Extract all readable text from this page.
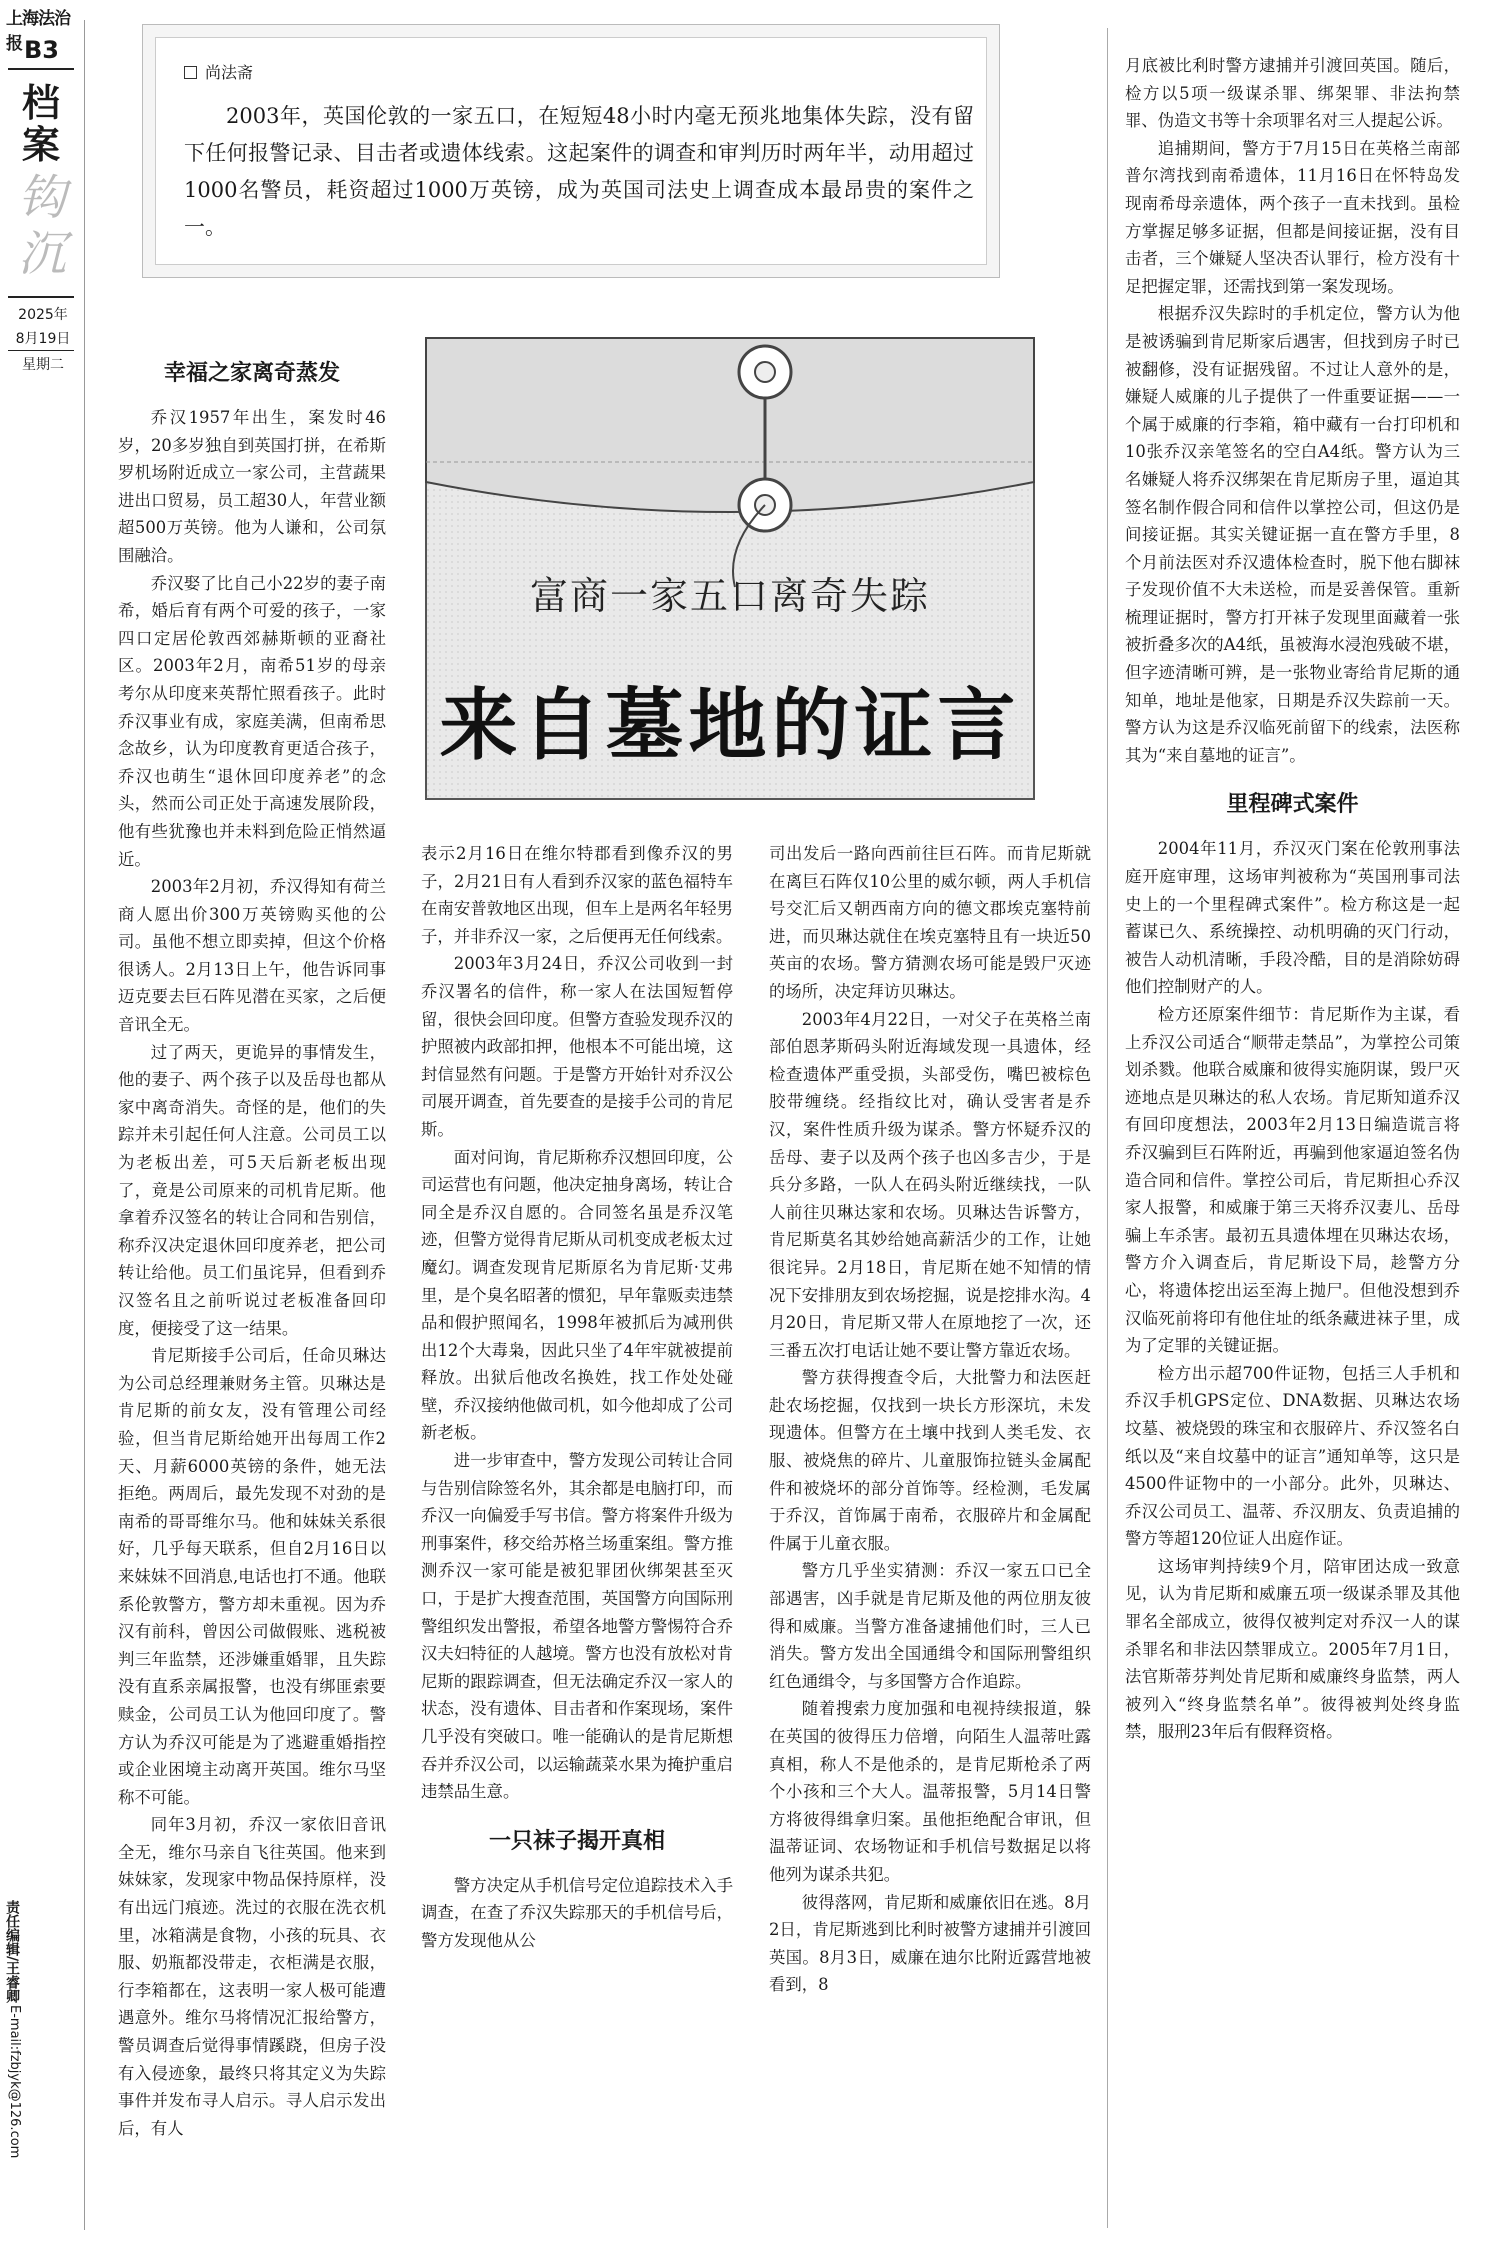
上海法治报 B3
档案
钩沉
2025年
8月19日
星期二
责任编辑/王睿卿
E-mail:fzbjyk@126.com
尚法斋
2003年，英国伦敦的一家五口，在短短48小时内毫无预兆地集体失踪，没有留下任何报警记录、目击者或遗体线索。这起案件的调查和审判历时两年半，动用超过1000名警员，耗资超过1000万英镑，成为英国司法史上调查成本最昂贵的案件之一。
富商一家五口离奇失踪
来自墓地的证言
幸福之家离奇蒸发

乔汉1957年出生，案发时46岁，20多岁独自到英国打拼，在希斯罗机场附近成立一家公司，主营蔬果进出口贸易，员工超30人，年营业额超500万英镑。他为人谦和，公司氛围融洽。

乔汉娶了比自己小22岁的妻子南希，婚后育有两个可爱的孩子，一家四口定居伦敦西郊赫斯顿的亚裔社区。2003年2月，南希51岁的母亲考尔从印度来英帮忙照看孩子。此时乔汉事业有成，家庭美满，但南希思念故乡，认为印度教育更适合孩子，乔汉也萌生“退休回印度养老”的念头，然而公司正处于高速发展阶段，他有些犹豫也并未料到危险正悄然逼近。

2003年2月初，乔汉得知有荷兰商人愿出价300万英镑购买他的公司。虽他不想立即卖掉，但这个价格很诱人。2月13日上午，他告诉同事迈克要去巨石阵见潜在买家，之后便音讯全无。

过了两天，更诡异的事情发生，他的妻子、两个孩子以及岳母也都从家中离奇消失。奇怪的是，他们的失踪并未引起任何人注意。公司员工以为老板出差，可5天后新老板出现了，竟是公司原来的司机肯尼斯。他拿着乔汉签名的转让合同和告别信，称乔汉决定退休回印度养老，把公司转让给他。员工们虽诧异，但看到乔汉签名且之前听说过老板准备回印度，便接受了这一结果。

肯尼斯接手公司后，任命贝琳达为公司总经理兼财务主管。贝琳达是肯尼斯的前女友，没有管理公司经验，但当肯尼斯给她开出每周工作2天、月薪6000英镑的条件，她无法拒绝。两周后，最先发现不对劲的是南希的哥哥维尔马。他和妹妹关系很好，几乎每天联系，但自2月16日以来妹妹不回消息,电话也打不通。他联系伦敦警方，警方却未重视。因为乔汉有前科，曾因公司做假账、逃税被判三年监禁，还涉嫌重婚罪，且失踪没有直系亲属报警，也没有绑匪索要赎金，公司员工认为他回印度了。警方认为乔汉可能是为了逃避重婚指控或企业困境主动离开英国。维尔马坚称不可能。

同年3月初，乔汉一家依旧音讯全无，维尔马亲自飞往英国。他来到妹妹家，发现家中物品保持原样，没有出远门痕迹。洗过的衣服在洗衣机里，冰箱满是食物，小孩的玩具、衣服、奶瓶都没带走，衣柜满是衣服，行李箱都在，这表明一家人极可能遭遇意外。维尔马将情况汇报给警方，警员调查后觉得事情蹊跷，但房子没有入侵迹象，最终只将其定义为失踪事件并发布寻人启示。寻人启示发出后，有人

表示2月16日在维尔特郡看到像乔汉的男子，2月21日有人看到乔汉家的蓝色福特车在南安普敦地区出现，但车上是两名年轻男子，并非乔汉一家，之后便再无任何线索。

2003年3月24日，乔汉公司收到一封乔汉署名的信件，称一家人在法国短暂停留，很快会回印度。但警方查验发现乔汉的护照被内政部扣押，他根本不可能出境，这封信显然有问题。于是警方开始针对乔汉公司展开调查，首先要查的是接手公司的肯尼斯。

面对问询，肯尼斯称乔汉想回印度，公司运营也有问题，他决定抽身离场，转让合同全是乔汉自愿的。合同签名虽是乔汉笔迹，但警方觉得肯尼斯从司机变成老板太过魔幻。调查发现肯尼斯原名为肯尼斯·艾弗里，是个臭名昭著的惯犯，早年靠贩卖违禁品和假护照闻名，1998年被抓后为减刑供出12个大毒枭，因此只坐了4年牢就被提前释放。出狱后他改名换姓，找工作处处碰壁，乔汉接纳他做司机，如今他却成了公司新老板。

进一步审查中，警方发现公司转让合同与告别信除签名外，其余都是电脑打印，而乔汉一向偏爱手写书信。警方将案件升级为刑事案件，移交给苏格兰场重案组。警方推测乔汉一家可能是被犯罪团伙绑架甚至灭口，于是扩大搜查范围，英国警方向国际刑警组织发出警报，希望各地警方警惕符合乔汉夫妇特征的人越境。警方也没有放松对肯尼斯的跟踪调查，但无法确定乔汉一家人的状态，没有遗体、目击者和作案现场，案件几乎没有突破口。唯一能确认的是肯尼斯想吞并乔汉公司，以运输蔬菜水果为掩护重启违禁品生意。

一只袜子揭开真相

警方决定从手机信号定位追踪技术入手调查，在查了乔汉失踪那天的手机信号后，警方发现他从公

司出发后一路向西前往巨石阵。而肯尼斯就在离巨石阵仅10公里的威尔顿，两人手机信号交汇后又朝西南方向的德文郡埃克塞特前进，而贝琳达就住在埃克塞特且有一块近50英亩的农场。警方猜测农场可能是毁尸灭迹的场所，决定拜访贝琳达。

2003年4月22日，一对父子在英格兰南部伯恩茅斯码头附近海域发现一具遗体，经检查遗体严重受损，头部受伤，嘴巴被棕色胶带缠绕。经指纹比对，确认受害者是乔汉，案件性质升级为谋杀。警方怀疑乔汉的岳母、妻子以及两个孩子也凶多吉少，于是兵分多路，一队人在码头附近继续找，一队人前往贝琳达家和农场。贝琳达告诉警方，肯尼斯莫名其妙给她高薪活少的工作，让她很诧异。2月18日，肯尼斯在她不知情的情况下安排朋友到农场挖掘，说是挖排水沟。4月20日，肯尼斯又带人在原地挖了一次，还三番五次打电话让她不要让警方靠近农场。

警方获得搜查令后，大批警力和法医赶赴农场挖掘，仅找到一块长方形深坑，未发现遗体。但警方在土壤中找到人类毛发、衣服、被烧焦的碎片、儿童服饰拉链头金属配件和被烧坏的部分首饰等。经检测，毛发属于乔汉，首饰属于南希，衣服碎片和金属配件属于儿童衣服。

警方几乎坐实猜测：乔汉一家五口已全部遇害，凶手就是肯尼斯及他的两位朋友彼得和威廉。当警方准备逮捕他们时，三人已消失。警方发出全国通缉令和国际刑警组织红色通缉令，与多国警方合作追踪。

随着搜索力度加强和电视持续报道，躲在英国的彼得压力倍增，向陌生人温蒂吐露真相，称人不是他杀的，是肯尼斯枪杀了两个小孩和三个大人。温蒂报警，5月14日警方将彼得缉拿归案。虽他拒绝配合审讯，但温蒂证词、农场物证和手机信号数据足以将他列为谋杀共犯。

彼得落网，肯尼斯和威廉依旧在逃。8月2日，肯尼斯逃到比利时被警方逮捕并引渡回英国。8月3日，威廉在迪尔比附近露营地被看到，8

月底被比利时警方逮捕并引渡回英国。随后，检方以5项一级谋杀罪、绑架罪、非法拘禁罪、伪造文书等十余项罪名对三人提起公诉。

追捕期间，警方于7月15日在英格兰南部普尔湾找到南希遗体，11月16日在怀特岛发现南希母亲遗体，两个孩子一直未找到。虽检方掌握足够多证据，但都是间接证据，没有目击者，三个嫌疑人坚决否认罪行，检方没有十足把握定罪，还需找到第一案发现场。

根据乔汉失踪时的手机定位，警方认为他是被诱骗到肯尼斯家后遇害，但找到房子时已被翻修，没有证据残留。不过让人意外的是，嫌疑人威廉的儿子提供了一件重要证据——一个属于威廉的行李箱，箱中藏有一台打印机和10张乔汉亲笔签名的空白A4纸。警方认为三名嫌疑人将乔汉绑架在肯尼斯房子里，逼迫其签名制作假合同和信件以掌控公司，但这仍是间接证据。其实关键证据一直在警方手里，8个月前法医对乔汉遗体检查时，脱下他右脚袜子发现价值不大未送检，而是妥善保管。重新梳理证据时，警方打开袜子发现里面藏着一张被折叠多次的A4纸，虽被海水浸泡残破不堪，但字迹清晰可辨，是一张物业寄给肯尼斯的通知单，地址是他家，日期是乔汉失踪前一天。警方认为这是乔汉临死前留下的线索，法医称其为“来自墓地的证言”。

里程碑式案件

2004年11月，乔汉灭门案在伦敦刑事法庭开庭审理，这场审判被称为“英国刑事司法史上的一个里程碑式案件”。检方称这是一起蓄谋已久、系统操控、动机明确的灭门行动，被告人动机清晰，手段冷酷，目的是消除妨碍他们控制财产的人。

检方还原案件细节：肯尼斯作为主谋，看上乔汉公司适合“顺带走禁品”，为掌控公司策划杀戮。他联合威廉和彼得实施阴谋，毁尸灭迹地点是贝琳达的私人农场。肯尼斯知道乔汉有回印度想法，2003年2月13日编造谎言将乔汉骗到巨石阵附近，再骗到他家逼迫签名伪造合同和信件。掌控公司后，肯尼斯担心乔汉家人报警，和威廉于第三天将乔汉妻儿、岳母骗上车杀害。最初五具遗体埋在贝琳达农场，警方介入调查后，肯尼斯设下局，趁警方分心，将遗体挖出运至海上抛尸。但他没想到乔汉临死前将印有他住址的纸条藏进袜子里，成为了定罪的关键证据。

检方出示超700件证物，包括三人手机和乔汉手机GPS定位、DNA数据、贝琳达农场坟墓、被烧毁的珠宝和衣服碎片、乔汉签名白纸以及“来自坟墓中的证言”通知单等，这只是4500件证物中的一小部分。此外，贝琳达、乔汉公司员工、温蒂、乔汉朋友、负责追捕的警方等超120位证人出庭作证。

这场审判持续9个月，陪审团达成一致意见，认为肯尼斯和威廉五项一级谋杀罪及其他罪名全部成立，彼得仅被判定对乔汉一人的谋杀罪名和非法囚禁罪成立。2005年7月1日，法官斯蒂芬判处肯尼斯和威廉终身监禁，两人被列入“终身监禁名单”。彼得被判处终身监禁，服刑23年后有假释资格。
